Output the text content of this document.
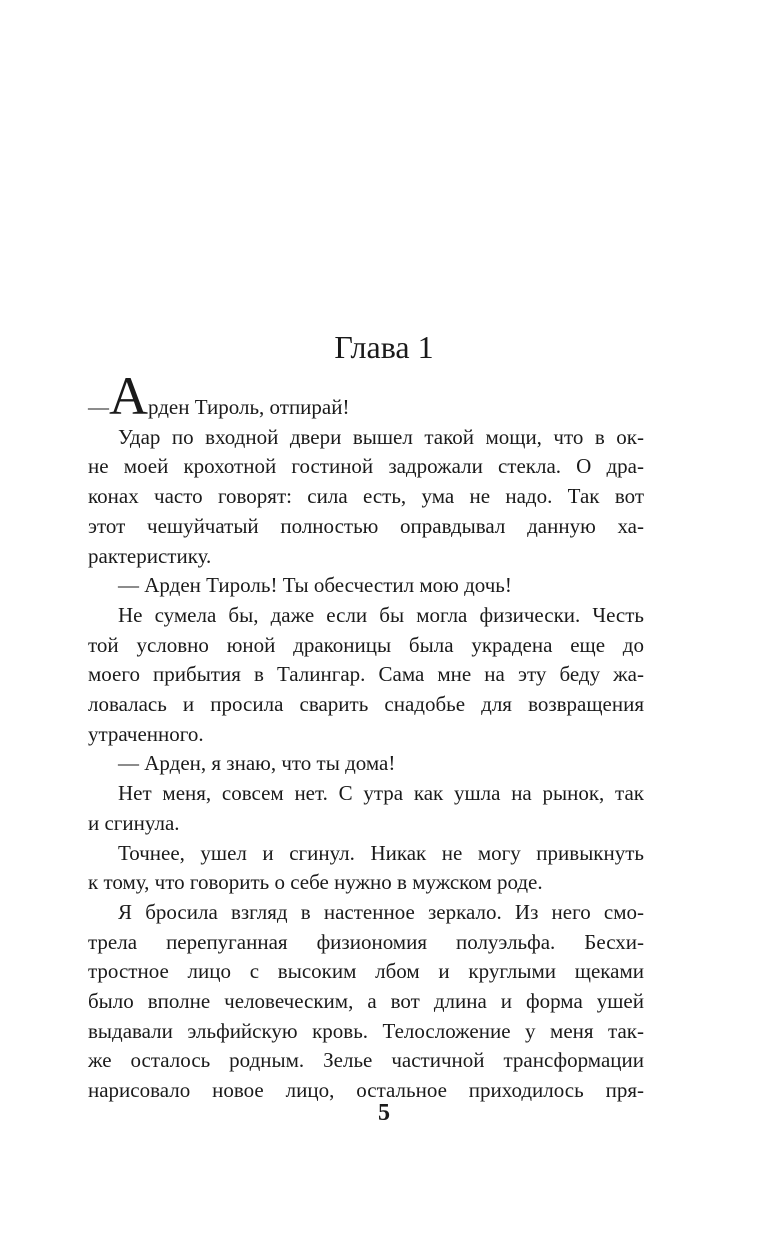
Глава 1
—Арден Тироль, отпирай!
Удар по входной двери вышел такой мощи, что в ок-
не моей крохотной гостиной задрожали стекла. О дра-
конах часто говорят: сила есть, ума не надо. Так вот
этот чешуйчатый полностью оправдывал данную ха-
рактеристику.
— Арден Тироль! Ты обесчестил мою дочь!
Не сумела бы, даже если бы могла физически. Честь
той условно юной драконицы была украдена еще до
моего прибытия в Талингар. Сама мне на эту беду жа-
ловалась и просила сварить снадобье для возвращения
утраченного.
— Арден, я знаю, что ты дома!
Нет меня, совсем нет. С утра как ушла на рынок, так
и сгинула.
Точнее, ушел и сгинул. Никак не могу привыкнуть
к тому, что говорить о себе нужно в мужском роде.
Я бросила взгляд в настенное зеркало. Из него смо-
трела перепуганная физиономия полуэльфа. Бесхи-
тростное лицо с высоким лбом и круглыми щеками
было вполне человеческим, а вот длина и форма ушей
выдавали эльфийскую кровь. Телосложение у меня так-
же осталось родным. Зелье частичной трансформации
нарисовало новое лицо, остальное приходилось пря-
5
